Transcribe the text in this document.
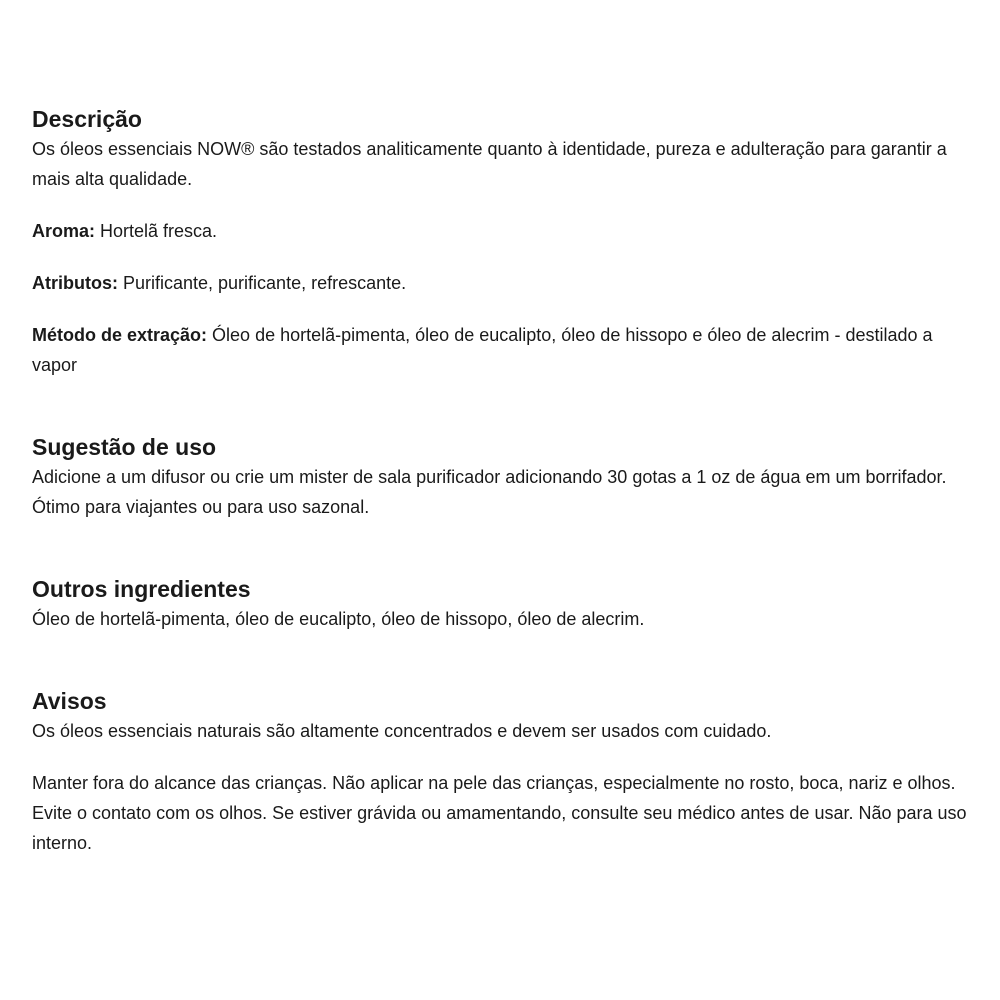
Descrição

Os óleos essenciais NOW® são testados analiticamente quanto à identidade, pureza e adulteração para garantir a mais alta qualidade.

Aroma: Hortelã fresca.

Atributos: Purificante, purificante, refrescante.

Método de extração: Óleo de hortelã-pimenta, óleo de eucalipto, óleo de hissopo e óleo de alecrim - destilado a vapor

Sugestão de uso

Adicione a um difusor ou crie um mister de sala purificador adicionando 30 gotas a 1 oz de água em um borrifador. Ótimo para viajantes ou para uso sazonal.

Outros ingredientes

Óleo de hortelã-pimenta, óleo de eucalipto, óleo de hissopo, óleo de alecrim.

Avisos

Os óleos essenciais naturais são altamente concentrados e devem ser usados com cuidado.

Manter fora do alcance das crianças. Não aplicar na pele das crianças, especialmente no rosto, boca, nariz e olhos. Evite o contato com os olhos. Se estiver grávida ou amamentando, consulte seu médico antes de usar. Não para uso interno.
